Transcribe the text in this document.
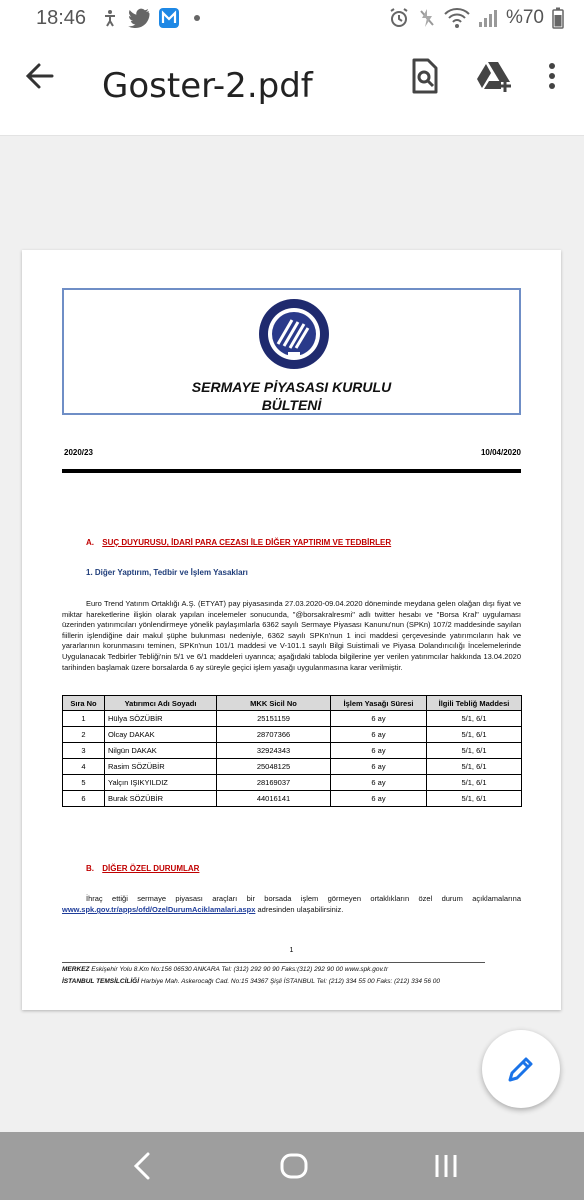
18:46	%70
Goster-2.pdf
SERMAYE PİYASASI KURULU
BÜLTENİ
2020/23	10/04/2020
A. SUÇ DUYURUSU, İDARİ PARA CEZASI İLE DİĞER YAPTIRIM VE TEDBİRLER
1. Diğer Yaptırım, Tedbir ve İşlem Yasakları
Euro Trend Yatırım Ortaklığı A.Ş. (ETYAT) pay piyasasında 27.03.2020-09.04.2020 döneminde meydana gelen olağan dışı fiyat ve miktar hareketlerine ilişkin olarak yapılan incelemeler sonucunda, "@borsakralresmi" adlı twitter hesabı ve "Borsa Kral" uygulaması üzerinden yatırımcıları yönlendirmeye yönelik paylaşımlarla 6362 sayılı Sermaye Piyasası Kanunu'nun (SPKn) 107/2 maddesinde sayılan fiillerin işlendiğine dair makul şüphe bulunması nedeniyle, 6362 sayılı SPKn'nun 1 inci maddesi çerçevesinde yatırımcıların hak ve yararlarının korunmasını teminen, SPKn'nun 101/1 maddesi ve V-101.1 sayılı Bilgi Suistimali ve Piyasa Dolandırıcılığı İncelemelerinde Uygulanacak Tedbirler Tebliği'nin 5/1 ve 6/1 maddeleri uyarınca; aşağıdaki tabloda bilgilerine yer verilen yatırımcılar hakkında 13.04.2020 tarihinden başlamak üzere borsalarda 6 ay süreyle geçici işlem yasağı uygulanmasına karar verilmiştir.
Sıra No	Yatırımcı Adı Soyadı	MKK Sicil No	İşlem Yasağı Süresi	İlgili Tebliğ Maddesi
1	Hülya SÖZÜBİR	25151159	6 ay	5/1, 6/1
2	Olcay DAKAK	28707366	6 ay	5/1, 6/1
3	Nilgün DAKAK	32924343	6 ay	5/1, 6/1
4	Rasim SÖZÜBİR	25048125	6 ay	5/1, 6/1
5	Yalçın IŞIKYILDIZ	28169037	6 ay	5/1, 6/1
6	Burak SÖZÜBİR	44016141	6 ay	5/1, 6/1
B. DİĞER ÖZEL DURUMLAR
İhraç ettiği sermaye piyasası araçları bir borsada işlem görmeyen ortaklıkların özel durum açıklamalarına www.spk.gov.tr/apps/ofd/OzelDurumAciklamalari.aspx adresinden ulaşabilirsiniz.
1
MERKEZ Eskişehir Yolu 8.Km No:156 06530 ANKARA Tel: (312) 292 90 90 Faks:(312) 292 90 00 www.spk.gov.tr
İSTANBUL TEMSİLCİLİĞİ Harbiye Mah. Askerocağı Cad. No:15 34367 Şişli İSTANBUL Tel: (212) 334 55 00 Faks: (212) 334 56 00
